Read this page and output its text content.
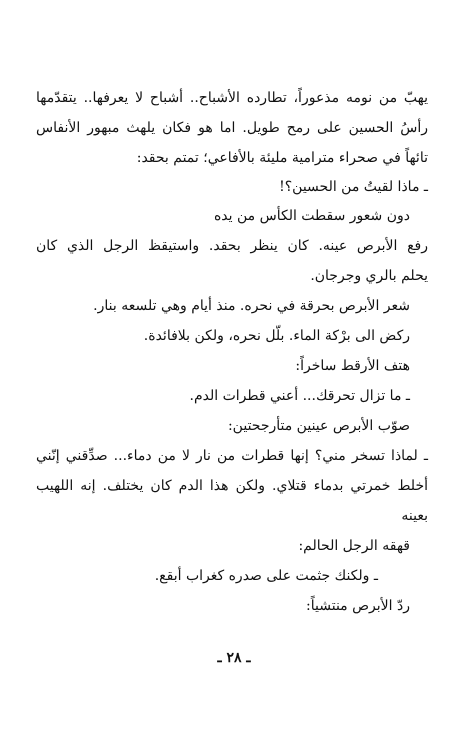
يهبّ من نومه مذعوراً، تطارده الأشباح.. أشباح لا يعرفها.. يتقدّمها
رأسُ الحسين على رمح طويل. اما هو فكان يلهث مبهور الأنفاس
تائهاً في صحراء مترامية مليئة بالأفاعي؛ تمتم بحقد:
ـ ماذا لقيتُ من الحسين؟!
دون شعور سقطت الكأس من يده
رفع الأبرص عينه. كان ينظر بحقد. واستيقظ الرجل الذي كان
يحلم بالري وجرجان.
شعر الأبرص بحرقة في نحره. منذ أيام وهي تلسعه بنار.
ركض الى برْكة الماء. بلّل نحره، ولكن بلافائدة.
هتف الأرقط ساخراً:
ـ ما تزال تحرقك... أعني قطرات الدم.
صوّب الأبرص عينين متأرجحتين:
ـ لماذا تسخر مني؟ إنها قطرات من نار لا من دماء... صدِّقني إنّني
أخلط خمرتي بدماء قتلاي. ولكن هذا الدم كان يختلف. إنه اللهيب
بعينه
قهقه الرجل الحالم:
ـ ولكنك جثمت على صدره كغراب أبقع.
ردّ الأبرص منتشياً:
ـ ٢٨ ـ
